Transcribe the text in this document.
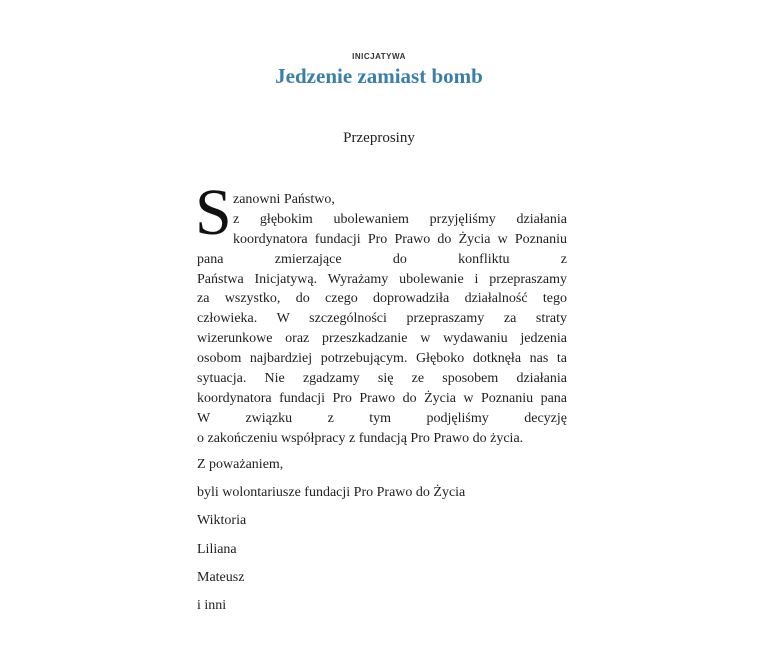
INICJATYWA
Jedzenie zamiast bomb
Przeprosiny
S zanowni Państwo,
z głębokim ubolewaniem przyjęliśmy działania
koordynatora fundacji Pro Prawo do Życia w Poznaniu
pana	zmierzające do konfliktu z
Państwa Inicjatywą. Wyrażamy ubolewanie i przepraszamy
za wszystko, do czego doprowadziła działalność tego
człowieka. W szczególności przepraszamy za straty
wizerunkowe oraz przeszkadzanie w wydawaniu jedzenia
osobom najbardziej potrzebującym. Głęboko dotknęła nas ta
sytuacja. Nie zgadzamy się ze sposobem działania
koordynatora fundacji Pro Prawo do Życia w Poznaniu pana
W związku z tym podjęliśmy decyzję
o zakończeniu współpracy z fundacją Pro Prawo do życia.
Z poważaniem,
byli wolontariusze fundacji Pro Prawo do Życia
Wiktoria
Liliana
Mateusz
i inni
